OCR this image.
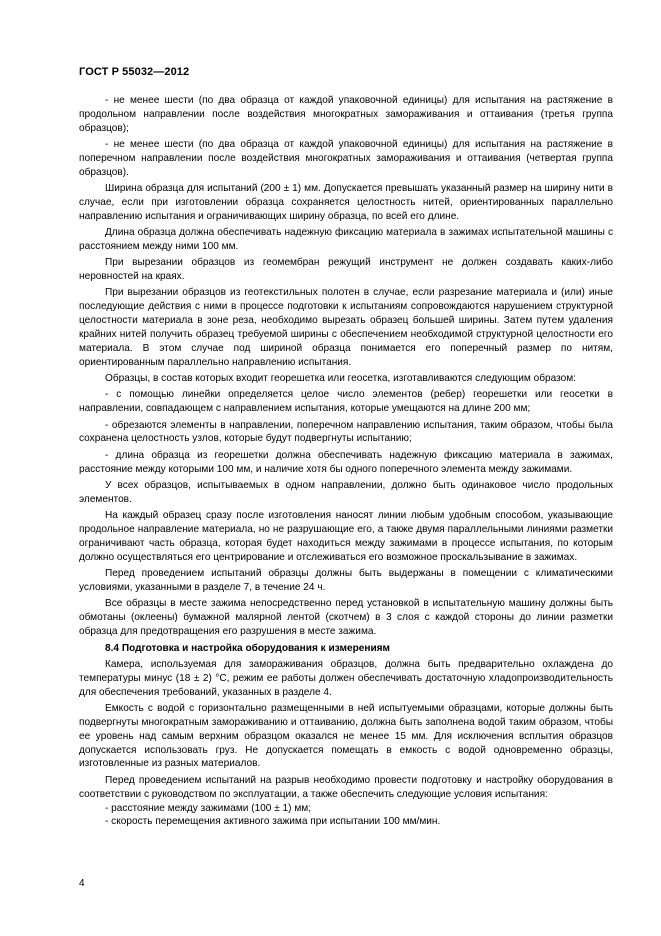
ГОСТ Р 55032—2012

- не менее шести (по два образца от каждой упаковочной единицы) для испытания на растяжение в продольном направлении после воздействия многократных замораживания и оттаивания (третья группа образцов);

- не менее шести (по два образца от каждой упаковочной единицы) для испытания на растяжение в поперечном направлении после воздействия многократных замораживания и оттаивания (четвертая группа образцов).

Ширина образца для испытаний (200 ± 1) мм. Допускается превышать указанный размер на ширину нити в случае, если при изготовлении образца сохраняется целостность нитей, ориентированных параллельно направлению испытания и ограничивающих ширину образца, по всей его длине.

Длина образца должна обеспечивать надежную фиксацию материала в зажимах испытательной машины с расстоянием между ними 100 мм.

При вырезании образцов из геомембран режущий инструмент не должен создавать каких-либо неровностей на краях.

При вырезании образцов из геотекстильных полотен в случае, если разрезание материала и (или) иные последующие действия с ними в процессе подготовки к испытаниям сопровождаются нарушением структурной целостности материала в зоне реза, необходимо вырезать образец большей ширины. Затем путем удаления крайних нитей получить образец требуемой ширины с обеспечением необходимой структурной целостности его материала. В этом случае под шириной образца понимается его поперечный размер по нитям, ориентированным параллельно направлению испытания.

Образцы, в состав которых входит георешетка или геосетка, изготавливаются следующим образом:

- с помощью линейки определяется целое число элементов (ребер) георешетки или геосетки в направлении, совпадающем с направлением испытания, которые умещаются на длине 200 мм;

- обрезаются элементы в направлении, поперечном направлению испытания, таким образом, чтобы была сохранена целостность узлов, которые будут подвергнуты испытанию;

- длина образца из георешетки должна обеспечивать надежную фиксацию материала в зажимах, расстояние между которыми 100 мм, и наличие хотя бы одного поперечного элемента между зажимами.

У всех образцов, испытываемых в одном направлении, должно быть одинаковое число продольных элементов.

На каждый образец сразу после изготовления наносят линии любым удобным способом, указывающие продольное направление материала, но не разрушающие его, а также двумя параллельными линиями разметки ограничивают часть образца, которая будет находиться между зажимами в процессе испытания, по которым должно осуществляться его центрирование и отслеживаться его возможное проскальзывание в зажимах.

Перед проведением испытаний образцы должны быть выдержаны в помещении с климатическими условиями, указанными в разделе 7, в течение 24 ч.

Все образцы в месте зажима непосредственно перед установкой в испытательную машину должны быть обмотаны (оклеены) бумажной малярной лентой (скотчем) в 3 слоя с каждой стороны до линии разметки образца для предотвращения его разрушения в месте зажима.

8.4 Подготовка и настройка оборудования к измерениям

Камера, используемая для замораживания образцов, должна быть предварительно охлаждена до температуры минус (18 ± 2) °С, режим ее работы должен обеспечивать достаточную хладопроизводительность для обеспечения требований, указанных в разделе 4.

Емкость с водой с горизонтально размещенными в ней испытуемыми образцами, которые должны быть подвергнуты многократным замораживанию и оттаиванию, должна быть заполнена водой таким образом, чтобы ее уровень над самым верхним образцом оказался не менее 15 мм. Для исключения всплытия образцов допускается использовать груз. Не допускается помещать в емкость с водой одновременно образцы, изготовленные из разных материалов.

Перед проведением испытаний на разрыв необходимо провести подготовку и настройку оборудования в соответствии с руководством по эксплуатации, а также обеспечить следующие условия испытания:

- расстояние между зажимами (100 ± 1) мм;

- скорость перемещения активного зажима при испытании 100 мм/мин.

4
